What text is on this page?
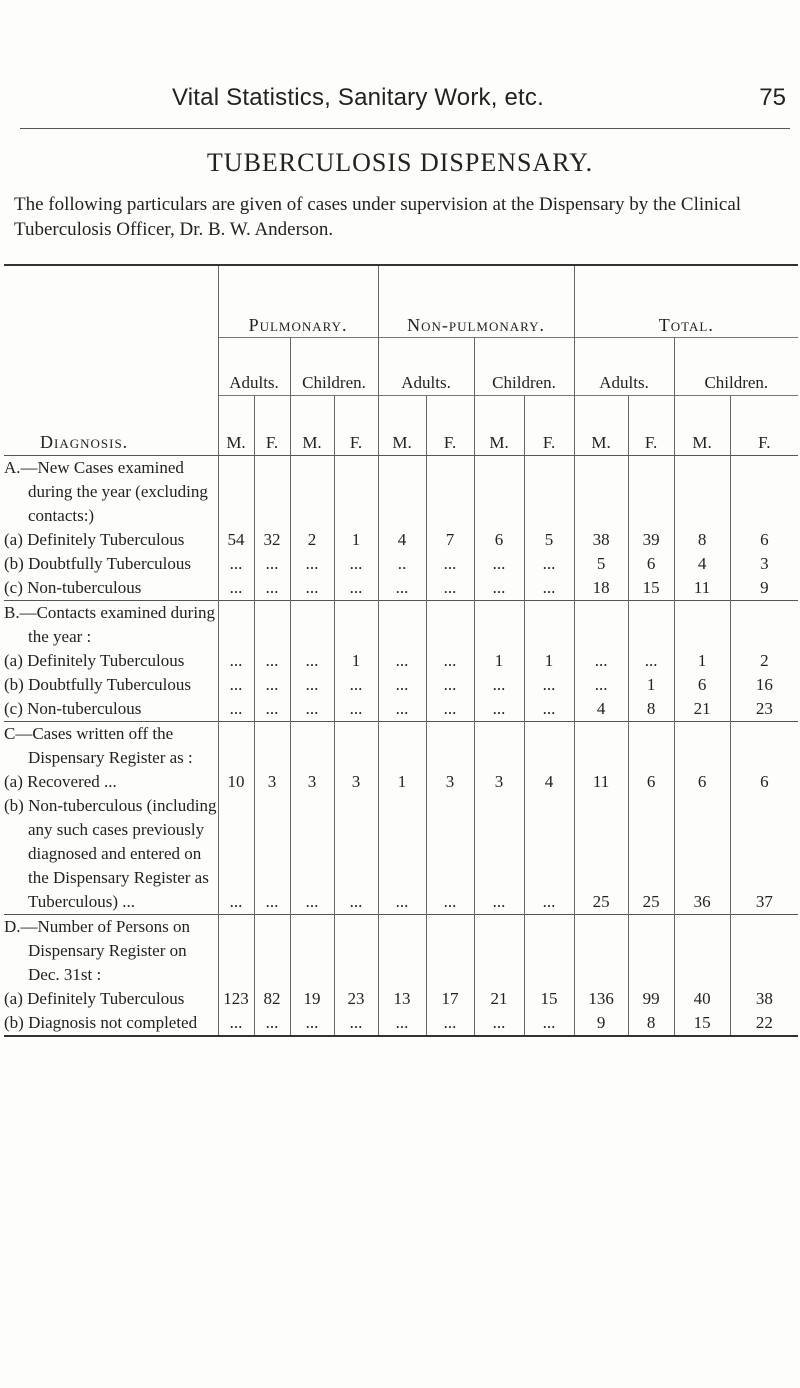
Vital Statistics, Sanitary Work, etc.	75
TUBERCULOSIS DISPENSARY.
The following particulars are given of cases under supervision at the Dispensary by the Clinical Tuberculosis Officer, Dr. B. W. Anderson.
Diagnosis.	Pulmonary.				Non-pulmonary.				Total.			
	Adults.		Children.		Adults.		Children.		Adults.		Children.	
	M.	F.	M.	F.	M.	F.	M.	F.	M.	F.	M.	F.

A.—New Cases examined during the year (excluding contacts:)												

(a) Definitely Tuberculous	54	32	2	1	4	7	6	5	38	39	8	6

(b) Doubtfully Tuberculous	...	...	...	...	..	...	...	...	5	6	4	3

(c) Non-tuberculous	...	...	...	...	...	...	...	...	18	15	11	9

B.—Contacts examined during the year :												

(a) Definitely Tuberculous	...	...	...	1	...	...	1	1	...	...	1	2

(b) Doubtfully Tuberculous	...	...	...	...	...	...	...	...	...	1	6	16

(c) Non-tuberculous	...	...	...	...	...	...	...	...	4	8	21	23

C—Cases written off the Dispensary Register as :												

(a) Recovered ...	10	3	3	3	1	3	3	4	11	6	6	6

(b) Non-tuberculous (including any such cases previously diagnosed and entered on the Dispensary Register as Tuberculous) ...	...	...	...	...	...	...	...	...	25	25	36	37

D.—Number of Persons on Dispensary Register on Dec. 31st :												

(a) Definitely Tuberculous	123	82	19	23	13	17	21	15	136	99	40	38

(b) Diagnosis not completed	...	...	...	...	...	...	...	...	9	8	15	22
